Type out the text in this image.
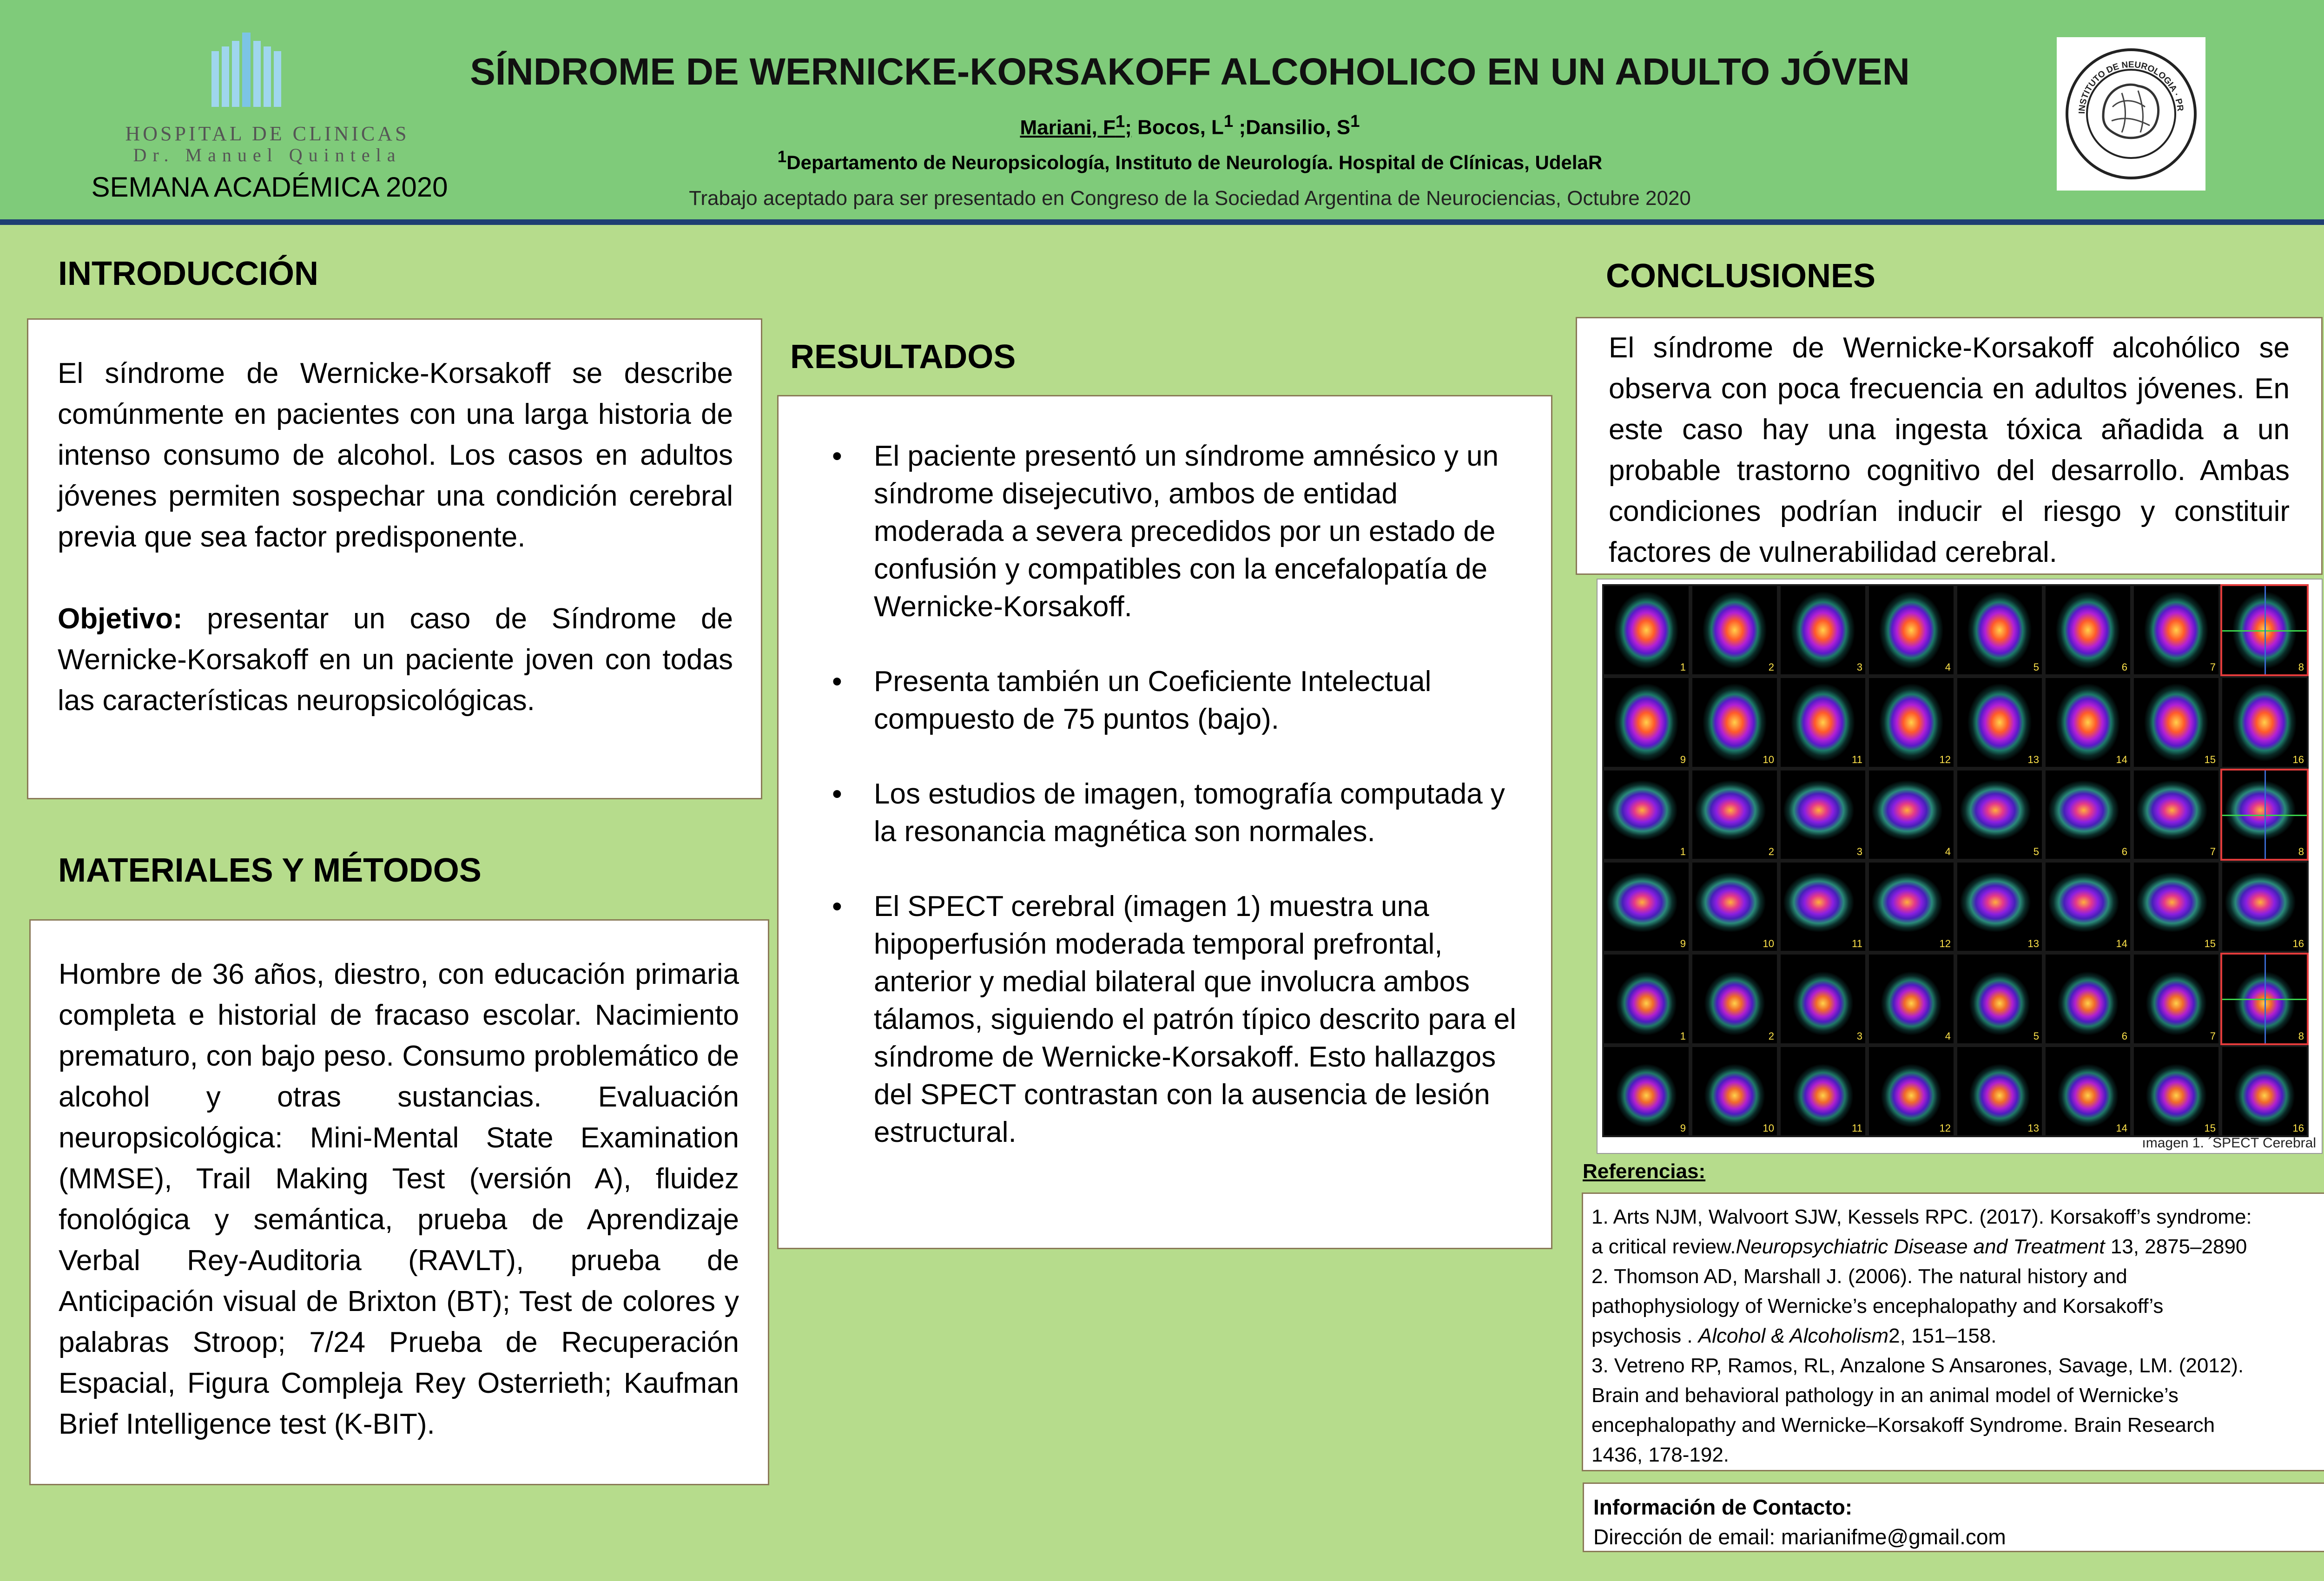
HOSPITAL DE CLINICAS
Dr. Manuel Quintela
SEMANA ACADÉMICA 2020
SÍNDROME DE WERNICKE-KORSAKOFF ALCOHOLICO EN UN ADULTO JÓVEN
Mariani, $F^1$; Bocos, $L^1$ ;Dansilio, $S^1$
$^1$Departamento de Neuropsicología, Instituto de Neurología. Hospital de Clínicas, UdelaR
Trabajo aceptado para ser presentado en Congreso de la Sociedad Argentina de Neurociencias, Octubre 2020
INSTITUTO DE NEUROLOGIA · PR
INTRODUCCIÓN

El síndrome de Wernicke-Korsakoff se describe comúnmente en pacientes con una larga historia de intenso consumo de alcohol. Los casos en adultos jóvenes permiten sospechar una condición cerebral previa que sea factor predisponente.

Objetivo: presentar un caso de Síndrome de Wernicke-Korsakoff en un paciente joven con todas las características neuropsicológicas.

MATERIALES Y MÉTODOS

Hombre de 36 años, diestro, con educación primaria completa e historial de fracaso escolar. Nacimiento prematuro, con bajo peso. Consumo problemático de alcohol y otras sustancias. Evaluación neuropsicológica: Mini-Mental State Examination (MMSE), Trail Making Test (versión A), fluidez fonológica y semántica, prueba de Aprendizaje Verbal Rey-Auditoria (RAVLT), prueba de Anticipación visual de Brixton (BT); Test de colores y palabras Stroop; 7/24 Prueba de Recuperación Espacial, Figura Compleja Rey Osterrieth; Kaufman Brief Intelligence test (K-BIT).

RESULTADOS
• El paciente presentó un síndrome amnésico y un síndrome disejecutivo, ambos de entidad moderada a severa precedidos por un estado de confusión y compatibles con la encefalopatía de Wernicke-Korsakoff.
• Presenta también un Coeficiente Intelectual compuesto de 75 puntos (bajo).
• Los estudios de imagen, tomografía computada y la resonancia magnética son normales.
• El SPECT cerebral (imagen 1) muestra una hipoperfusión moderada temporal prefrontal, anterior y medial bilateral que involucra ambos tálamos, siguiendo el patrón típico descrito para el síndrome de Wernicke-Korsakoff. Esto hallazgos del SPECT contrastan con la ausencia de lesión estructural.
CONCLUSIONES
El síndrome de Wernicke-Korsakoff alcohólico se observa con poca frecuencia en adultos jóvenes. En este caso hay una ingesta tóxica añadida a un probable trastorno cognitivo del desarrollo. Ambas condiciones podrían inducir el riesgo y constituir factores de vulnerabilidad cerebral.
1	2	3	4	5	6	7	8
9	10	11	12	13	14	15	16
1	2	3	4	5	6	7	8
9	10	11	12	13	14	15	16
1	2	3	4	5	6	7	8
9	10	11	12	13	14	15	16
ımagen 1. ´SPECT Cerebral
Referencias:
1. Arts NJM, Walvoort SJW, Kessels RPC. (2017). Korsakoff’s syndrome:
a critical review.Neuropsychiatric Disease and Treatment 13, 2875–2890
2. Thomson AD, Marshall J. (2006). The natural history and
pathophysiology of Wernicke’s encephalopathy and Korsakoff’s
psychosis . Alcohol & Alcoholism2, 151–158.
3. Vetreno RP, Ramos, RL, Anzalone S Ansarones, Savage, LM. (2012).
Brain and behavioral pathology in an animal model of Wernicke’s
encephalopathy and Wernicke–Korsakoff Syndrome. Brain Research
1436, 178-192.
Información de Contacto:
Dirección de email: marianifme@gmail.com
